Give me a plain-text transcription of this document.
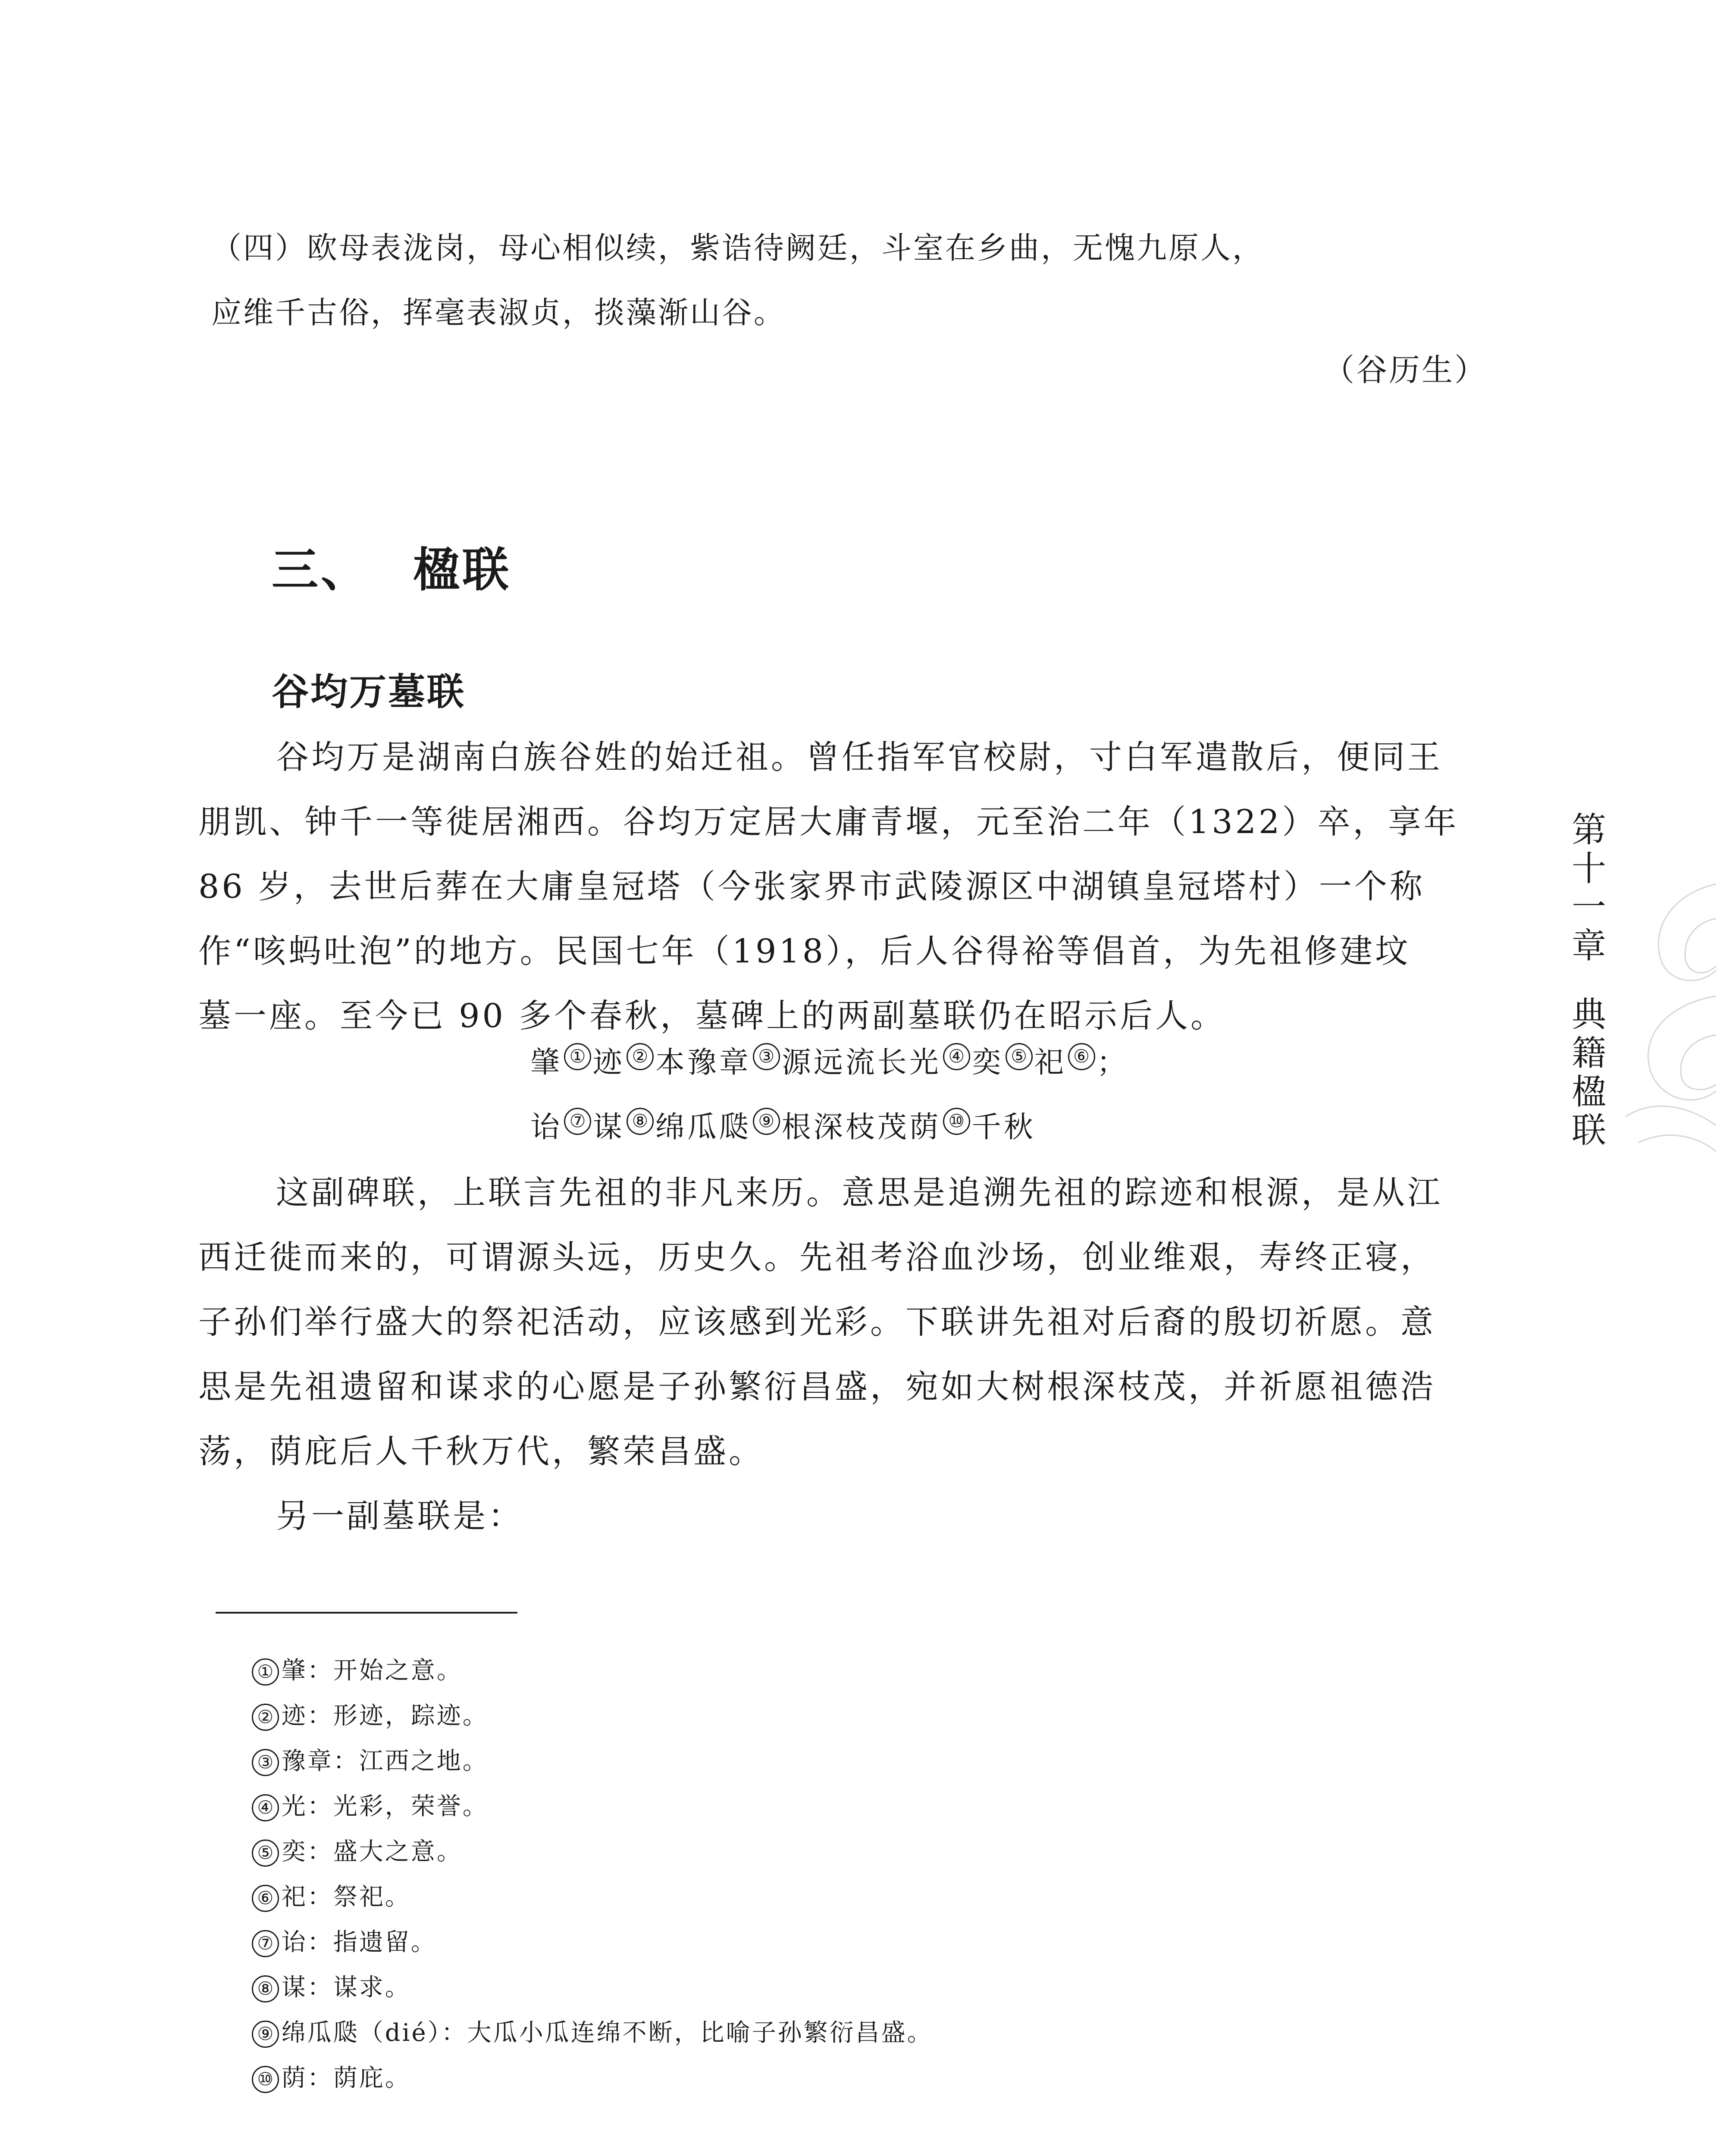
（四）欧母表泷岗，母心相似续，紫诰待阙廷，斗室在乡曲，无愧九原人，
应维千古俗，挥毫表淑贞，掞藻渐山谷。
（谷历生）
三、 楹联
谷均万墓联
谷均万是湖南白族谷姓的始迁祖。曾任指军官校尉，寸白军遣散后，便同王
朋凯、钟千一等徙居湘西。谷均万定居大庸青堰，元至治二年（1322）卒，享年
86 岁，去世后葬在大庸皇冠塔（今张家界市武陵源区中湖镇皇冠塔村）一个称
作“咳蚂吐泡”的地方。民国七年（1918），后人谷得裕等倡首，为先祖修建坟
墓一座。至今已 90 多个春秋，墓碑上的两副墓联仍在昭示后人。
肇 ① 迹 ② 本豫章 ③ 源远流长光 ④ 奕 ⑤ 祀 ⑥ ；
诒 ⑦ 谋 ⑧ 绵瓜瓞 ⑨ 根深枝茂荫 ⑩ 千秋
这副碑联，上联言先祖的非凡来历。意思是追溯先祖的踪迹和根源，是从江
西迁徙而来的，可谓源头远，历史久。先祖考浴血沙场，创业维艰，寿终正寝，
子孙们举行盛大的祭祀活动，应该感到光彩。下联讲先祖对后裔的殷切祈愿。意
思是先祖遗留和谋求的心愿是子孙繁衍昌盛，宛如大树根深枝茂，并祈愿祖德浩
荡，荫庇后人千秋万代，繁荣昌盛。
另一副墓联是：
① 肇：开始之意。
② 迹：形迹，踪迹。
③ 豫章：江西之地。
④ 光：光彩，荣誉。
⑤ 奕：盛大之意。
⑥ 祀：祭祀。
⑦ 诒：指遗留。
⑧ 谋：谋求。
⑨ 绵瓜瓞（dié）：大瓜小瓜连绵不断，比喻子孙繁衍昌盛。
⑩ 荫：荫庇。
第
十
一
章
典
籍
楹
联
